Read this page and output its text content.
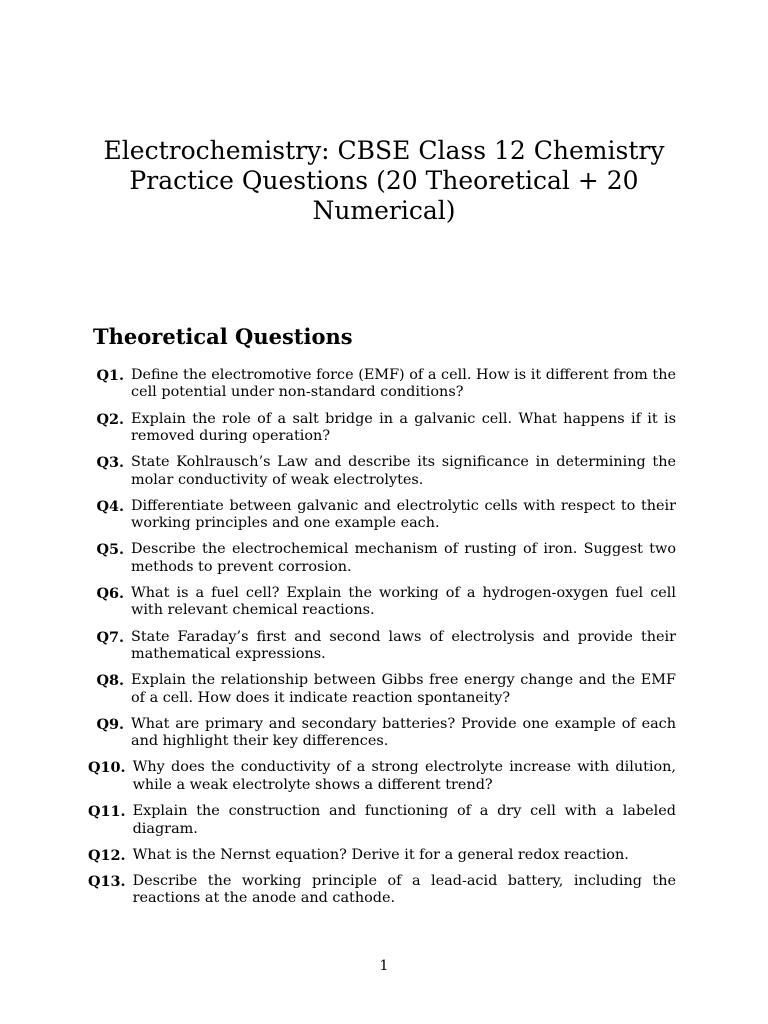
Electrochemistry: CBSE Class 12 Chemistry Practice Questions (20 Theoretical + 20 Numerical)
Theoretical Questions
Q1. Define the electromotive force (EMF) of a cell. How is it different from the cell potential under non-standard conditions?
Q2. Explain the role of a salt bridge in a galvanic cell. What happens if it is removed during operation?
Q3. State Kohlrausch’s Law and describe its significance in determining the molar conductivity of weak electrolytes.
Q4. Differentiate between galvanic and electrolytic cells with respect to their working principles and one example each.
Q5. Describe the electrochemical mechanism of rusting of iron. Suggest two methods to prevent corrosion.
Q6. What is a fuel cell? Explain the working of a hydrogen-oxygen fuel cell with relevant chemical reactions.
Q7. State Faraday’s first and second laws of electrolysis and provide their mathematical expressions.
Q8. Explain the relationship between Gibbs free energy change and the EMF of a cell. How does it indicate reaction spontaneity?
Q9. What are primary and secondary batteries? Provide one example of each and highlight their key differences.
Q10. Why does the conductivity of a strong electrolyte increase with dilution, while a weak electrolyte shows a different trend?
Q11. Explain the construction and functioning of a dry cell with a labeled diagram.
Q12. What is the Nernst equation? Derive it for a general redox reaction.
Q13. Describe the working principle of a lead-acid battery, including the reactions at the anode and cathode.
1
